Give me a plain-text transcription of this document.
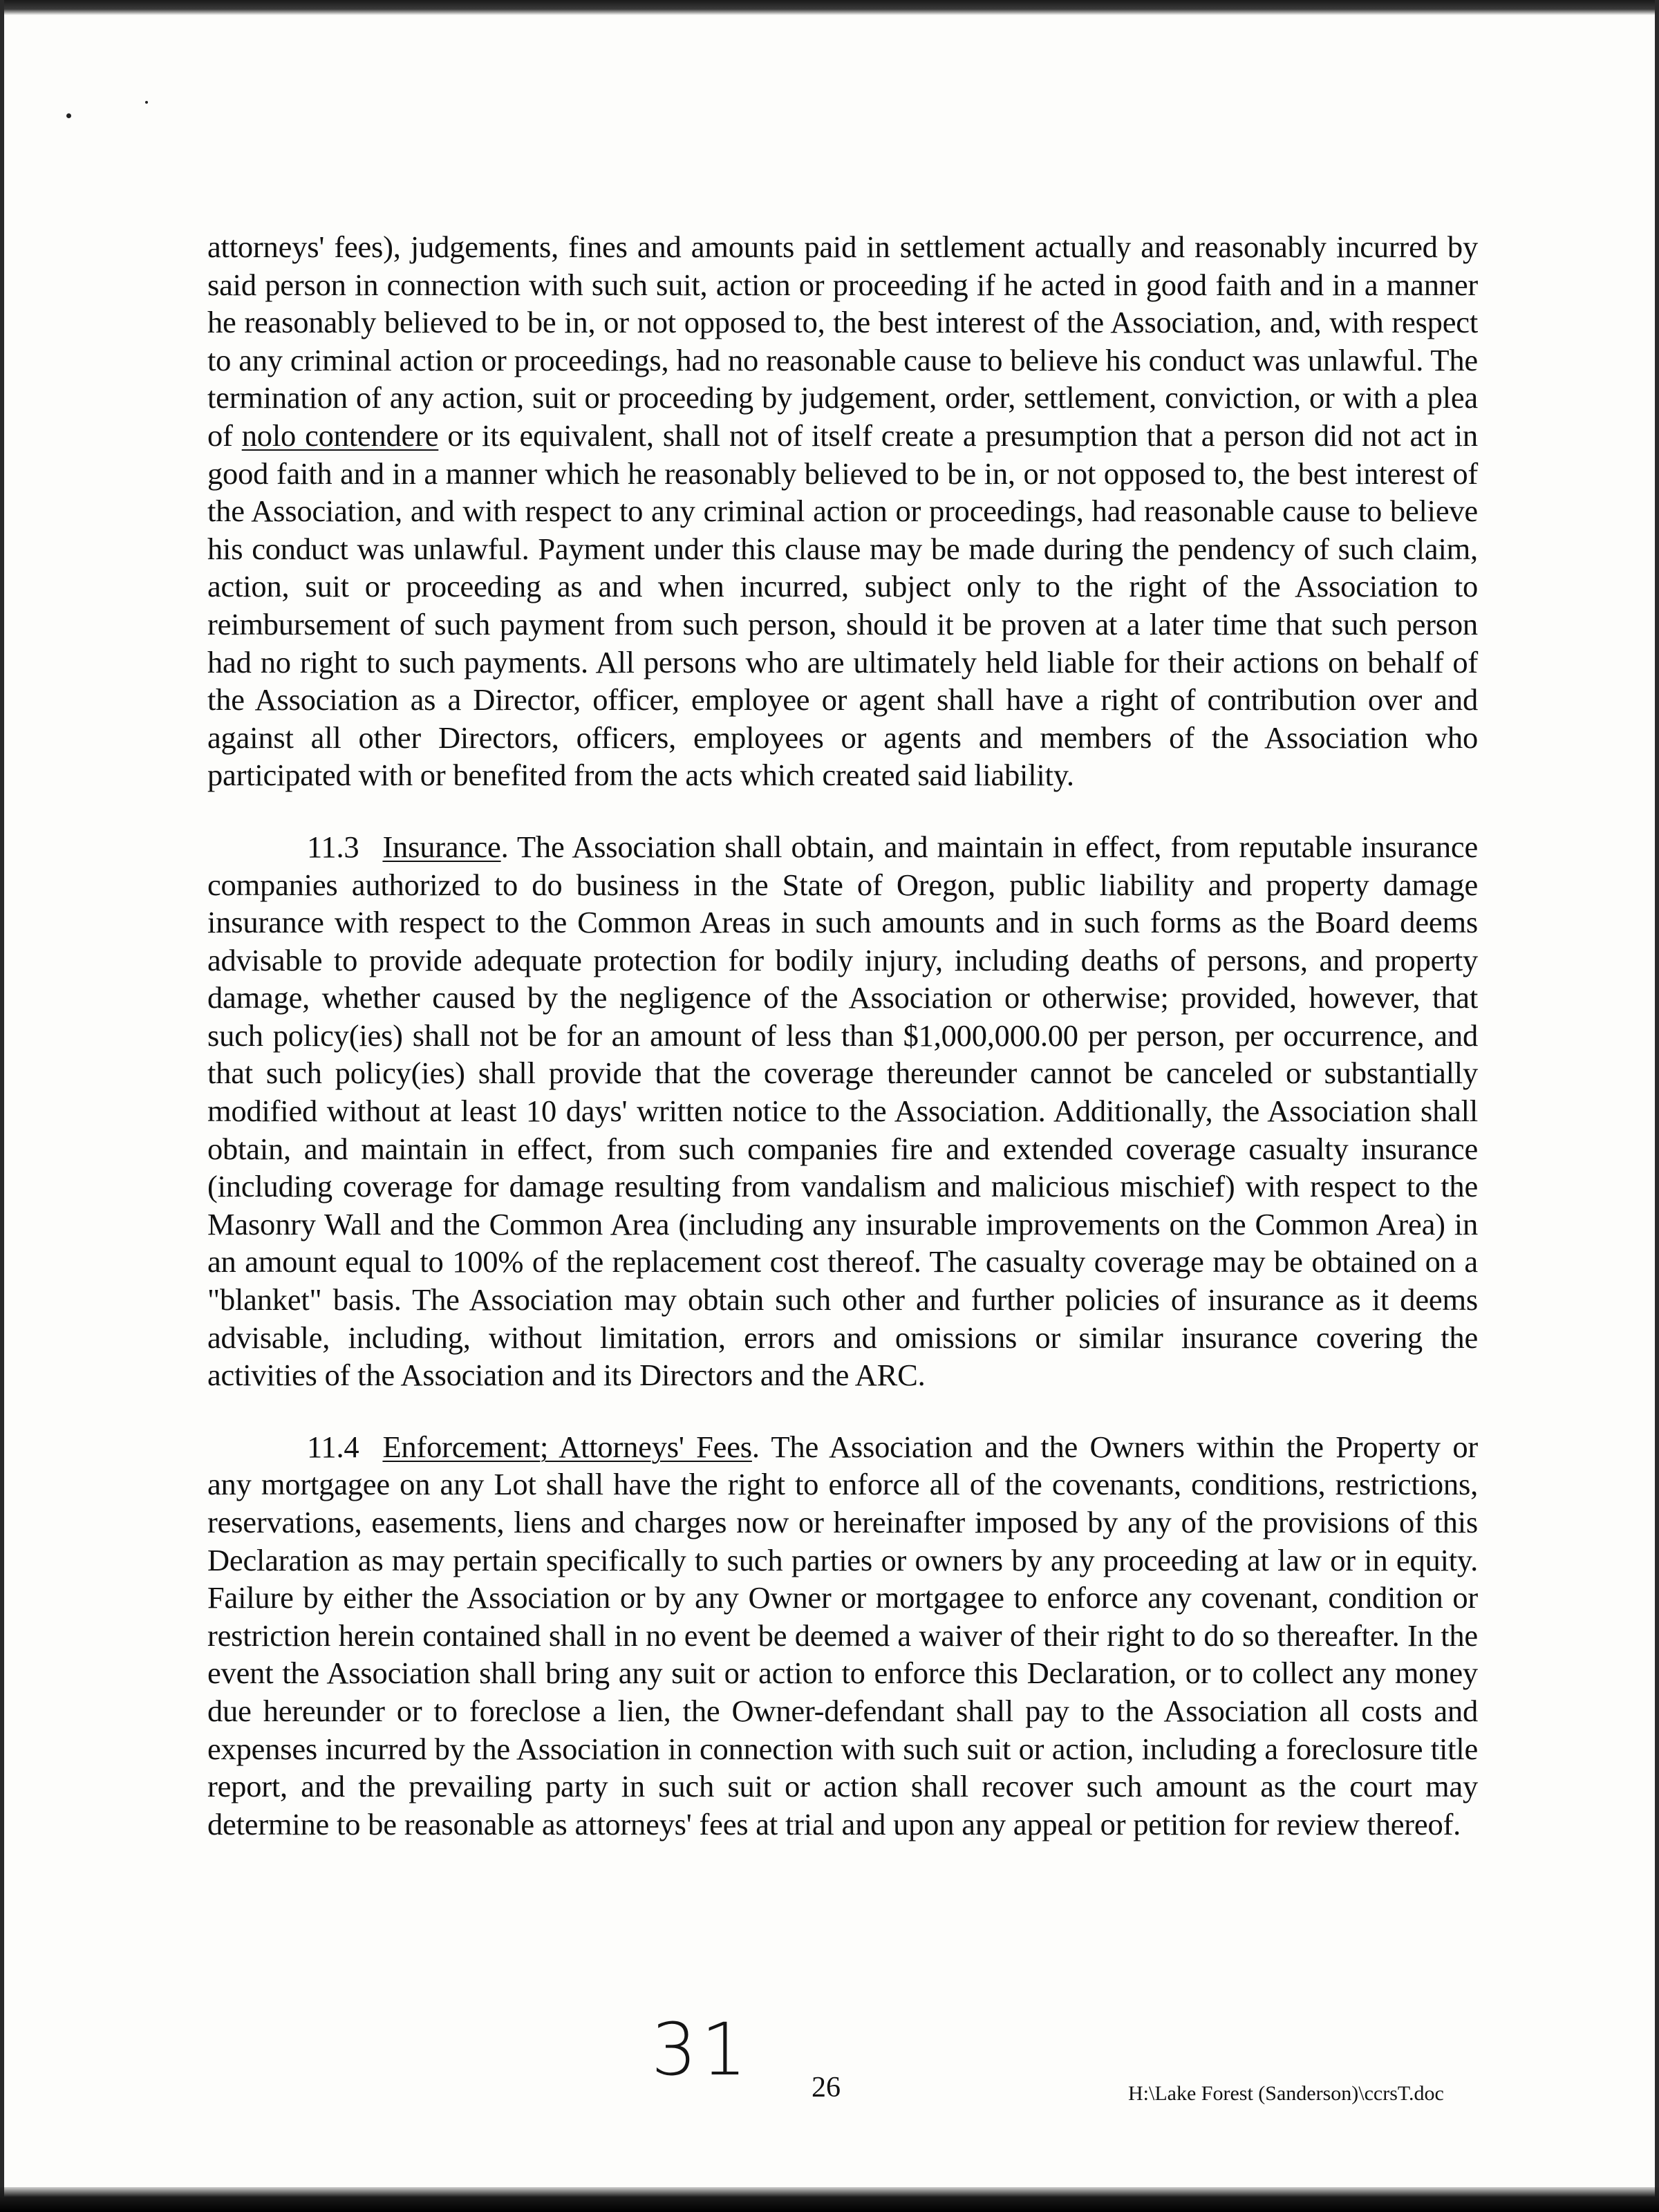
attorneys' fees), judgements, fines and amounts paid in settlement actually and reasonably incurred by said person in connection with such suit, action or proceeding if he acted in good faith and in a manner he reasonably believed to be in, or not opposed to, the best interest of the Association, and, with respect to any criminal action or proceedings, had no reasonable cause to believe his conduct was unlawful. The termination of any action, suit or proceeding by judgement, order, settlement, conviction, or with a plea of nolo contendere or its equivalent, shall not of itself create a presumption that a person did not act in good faith and in a manner which he reasonably believed to be in, or not opposed to, the best interest of the Association, and with respect to any criminal action or proceedings, had reasonable cause to believe his conduct was unlawful. Payment under this clause may be made during the pendency of such claim, action, suit or proceeding as and when incurred, subject only to the right of the Association to reimbursement of such payment from such person, should it be proven at a later time that such person had no right to such payments. All persons who are ultimately held liable for their actions on behalf of the Association as a Director, officer, employee or agent shall have a right of contribution over and against all other Directors, officers, employees or agents and members of the Association who participated with or benefited from the acts which created said liability.

11.3 Insurance. The Association shall obtain, and maintain in effect, from reputable insurance companies authorized to do business in the State of Oregon, public liability and property damage insurance with respect to the Common Areas in such amounts and in such forms as the Board deems advisable to provide adequate protection for bodily injury, including deaths of persons, and property damage, whether caused by the negligence of the Association or otherwise; provided, however, that such policy(ies) shall not be for an amount of less than $1,000,000.00 per person, per occurrence, and that such policy(ies) shall provide that the coverage thereunder cannot be canceled or substantially modified without at least 10 days' written notice to the Association. Additionally, the Association shall obtain, and maintain in effect, from such companies fire and extended coverage casualty insurance (including coverage for damage resulting from vandalism and malicious mischief) with respect to the Masonry Wall and the Common Area (including any insurable improvements on the Common Area) in an amount equal to 100% of the replacement cost thereof. The casualty coverage may be obtained on a "blanket" basis. The Association may obtain such other and further policies of insurance as it deems advisable, including, without limitation, errors and omissions or similar insurance covering the activities of the Association and its Directors and the ARC.

11.4 Enforcement; Attorneys' Fees. The Association and the Owners within the Property or any mortgagee on any Lot shall have the right to enforce all of the covenants, conditions, restrictions, reservations, easements, liens and charges now or hereinafter imposed by any of the provisions of this Declaration as may pertain specifically to such parties or owners by any proceeding at law or in equity. Failure by either the Association or by any Owner or mortgagee to enforce any covenant, condition or restriction herein contained shall in no event be deemed a waiver of their right to do so thereafter. In the event the Association shall bring any suit or action to enforce this Declaration, or to collect any money due hereunder or to foreclose a lien, the Owner-defendant shall pay to the Association all costs and expenses incurred by the Association in connection with such suit or action, including a foreclosure title report, and the prevailing party in such suit or action shall recover such amount as the court may determine to be reasonable as attorneys' fees at trial and upon any appeal or petition for review thereof.

31 26	H:\Lake Forest (Sanderson)\ccrsT.doc
